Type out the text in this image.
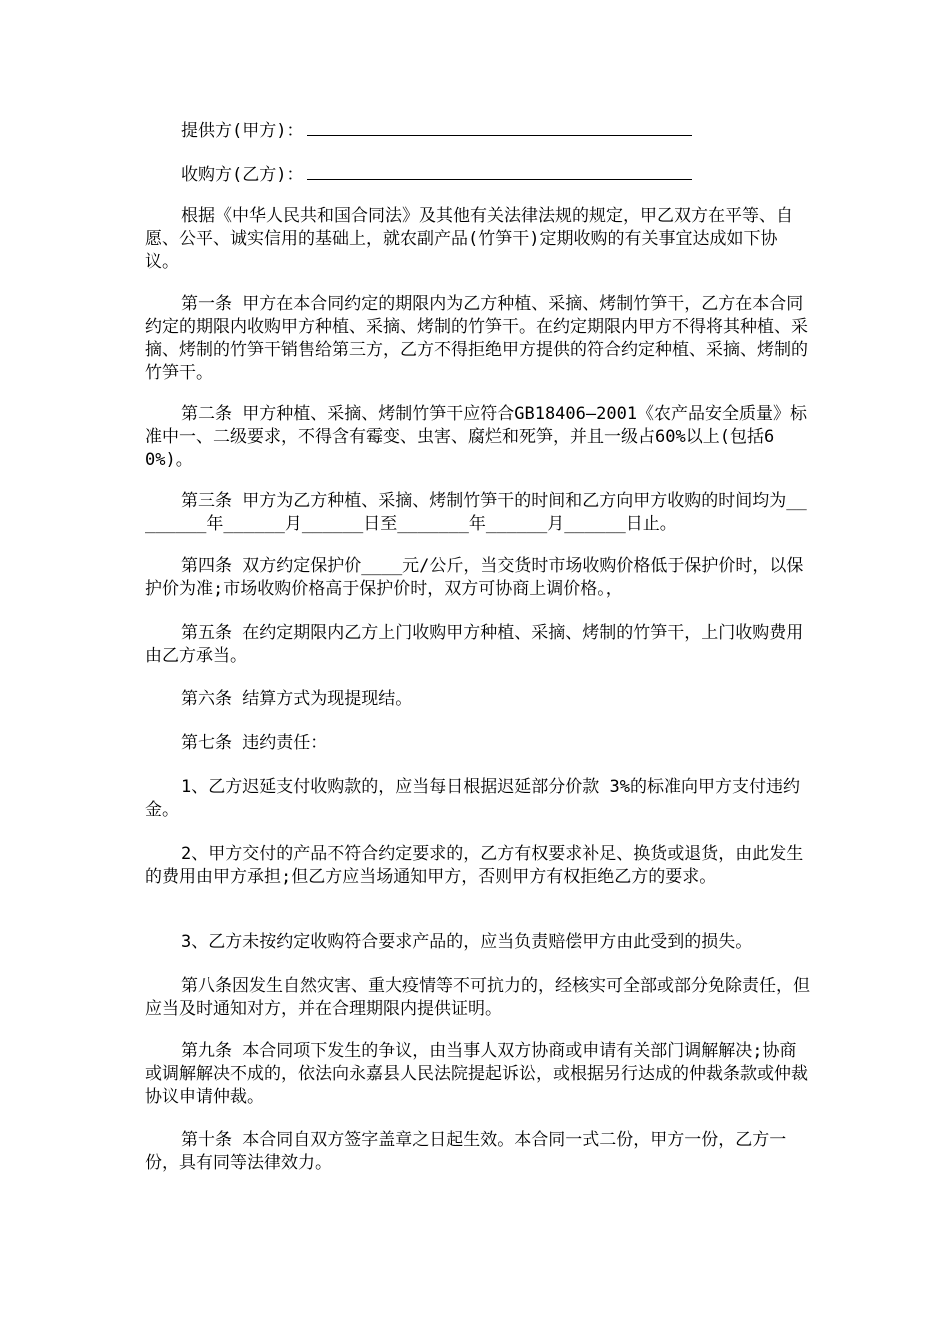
提供方(甲方)：
收购方(乙方)：

根据《中华人民共和国合同法》及其他有关法律法规的规定，甲乙双方在平等、自愿、公平、诚实信用的基础上，就农副产品(竹笋干)定期收购的有关事宜达成如下协议。

第一条 甲方在本合同约定的期限内为乙方种植、采摘、烤制竹笋干，乙方在本合同约定的期限内收购甲方种植、采摘、烤制的竹笋干。在约定期限内甲方不得将其种植、采摘、烤制的竹笋干销售给第三方，乙方不得拒绝甲方提供的符合约定种植、采摘、烤制的竹笋干。

第二条 甲方种植、采摘、烤制竹笋干应符合GB18406—2001《农产品安全质量》标准中一、二级要求，不得含有霉变、虫害、腐烂和死笋，并且一级占60%以上(包括60%)。

第三条 甲方为乙方种植、采摘、烤制竹笋干的时间和乙方向甲方收购的时间均为________年______月______日至_______年______月______日止。

第四条 双方约定保护价____元/公斤，当交货时市场收购价格低于保护价时，以保护价为准;市场收购价格高于保护价时，双方可协商上调价格。，

第五条 在约定期限内乙方上门收购甲方种植、采摘、烤制的竹笋干，上门收购费用由乙方承当。

第六条 结算方式为现提现结。

第七条 违约责任：

1、乙方迟延支付收购款的，应当每日根据迟延部分价款 3%的标准向甲方支付违约金。

2、甲方交付的产品不符合约定要求的，乙方有权要求补足、换货或退货，由此发生的费用由甲方承担;但乙方应当场通知甲方，否则甲方有权拒绝乙方的要求。

3、乙方未按约定收购符合要求产品的，应当负责赔偿甲方由此受到的损失。

第八条因发生自然灾害、重大疫情等不可抗力的，经核实可全部或部分免除责任，但应当及时通知对方，并在合理期限内提供证明。

第九条 本合同项下发生的争议，由当事人双方协商或申请有关部门调解解决;协商或调解解决不成的，依法向永嘉县人民法院提起诉讼，或根据另行达成的仲裁条款或仲裁协议申请仲裁。

第十条 本合同自双方签字盖章之日起生效。本合同一式二份，甲方一份，乙方一份，具有同等法律效力。
